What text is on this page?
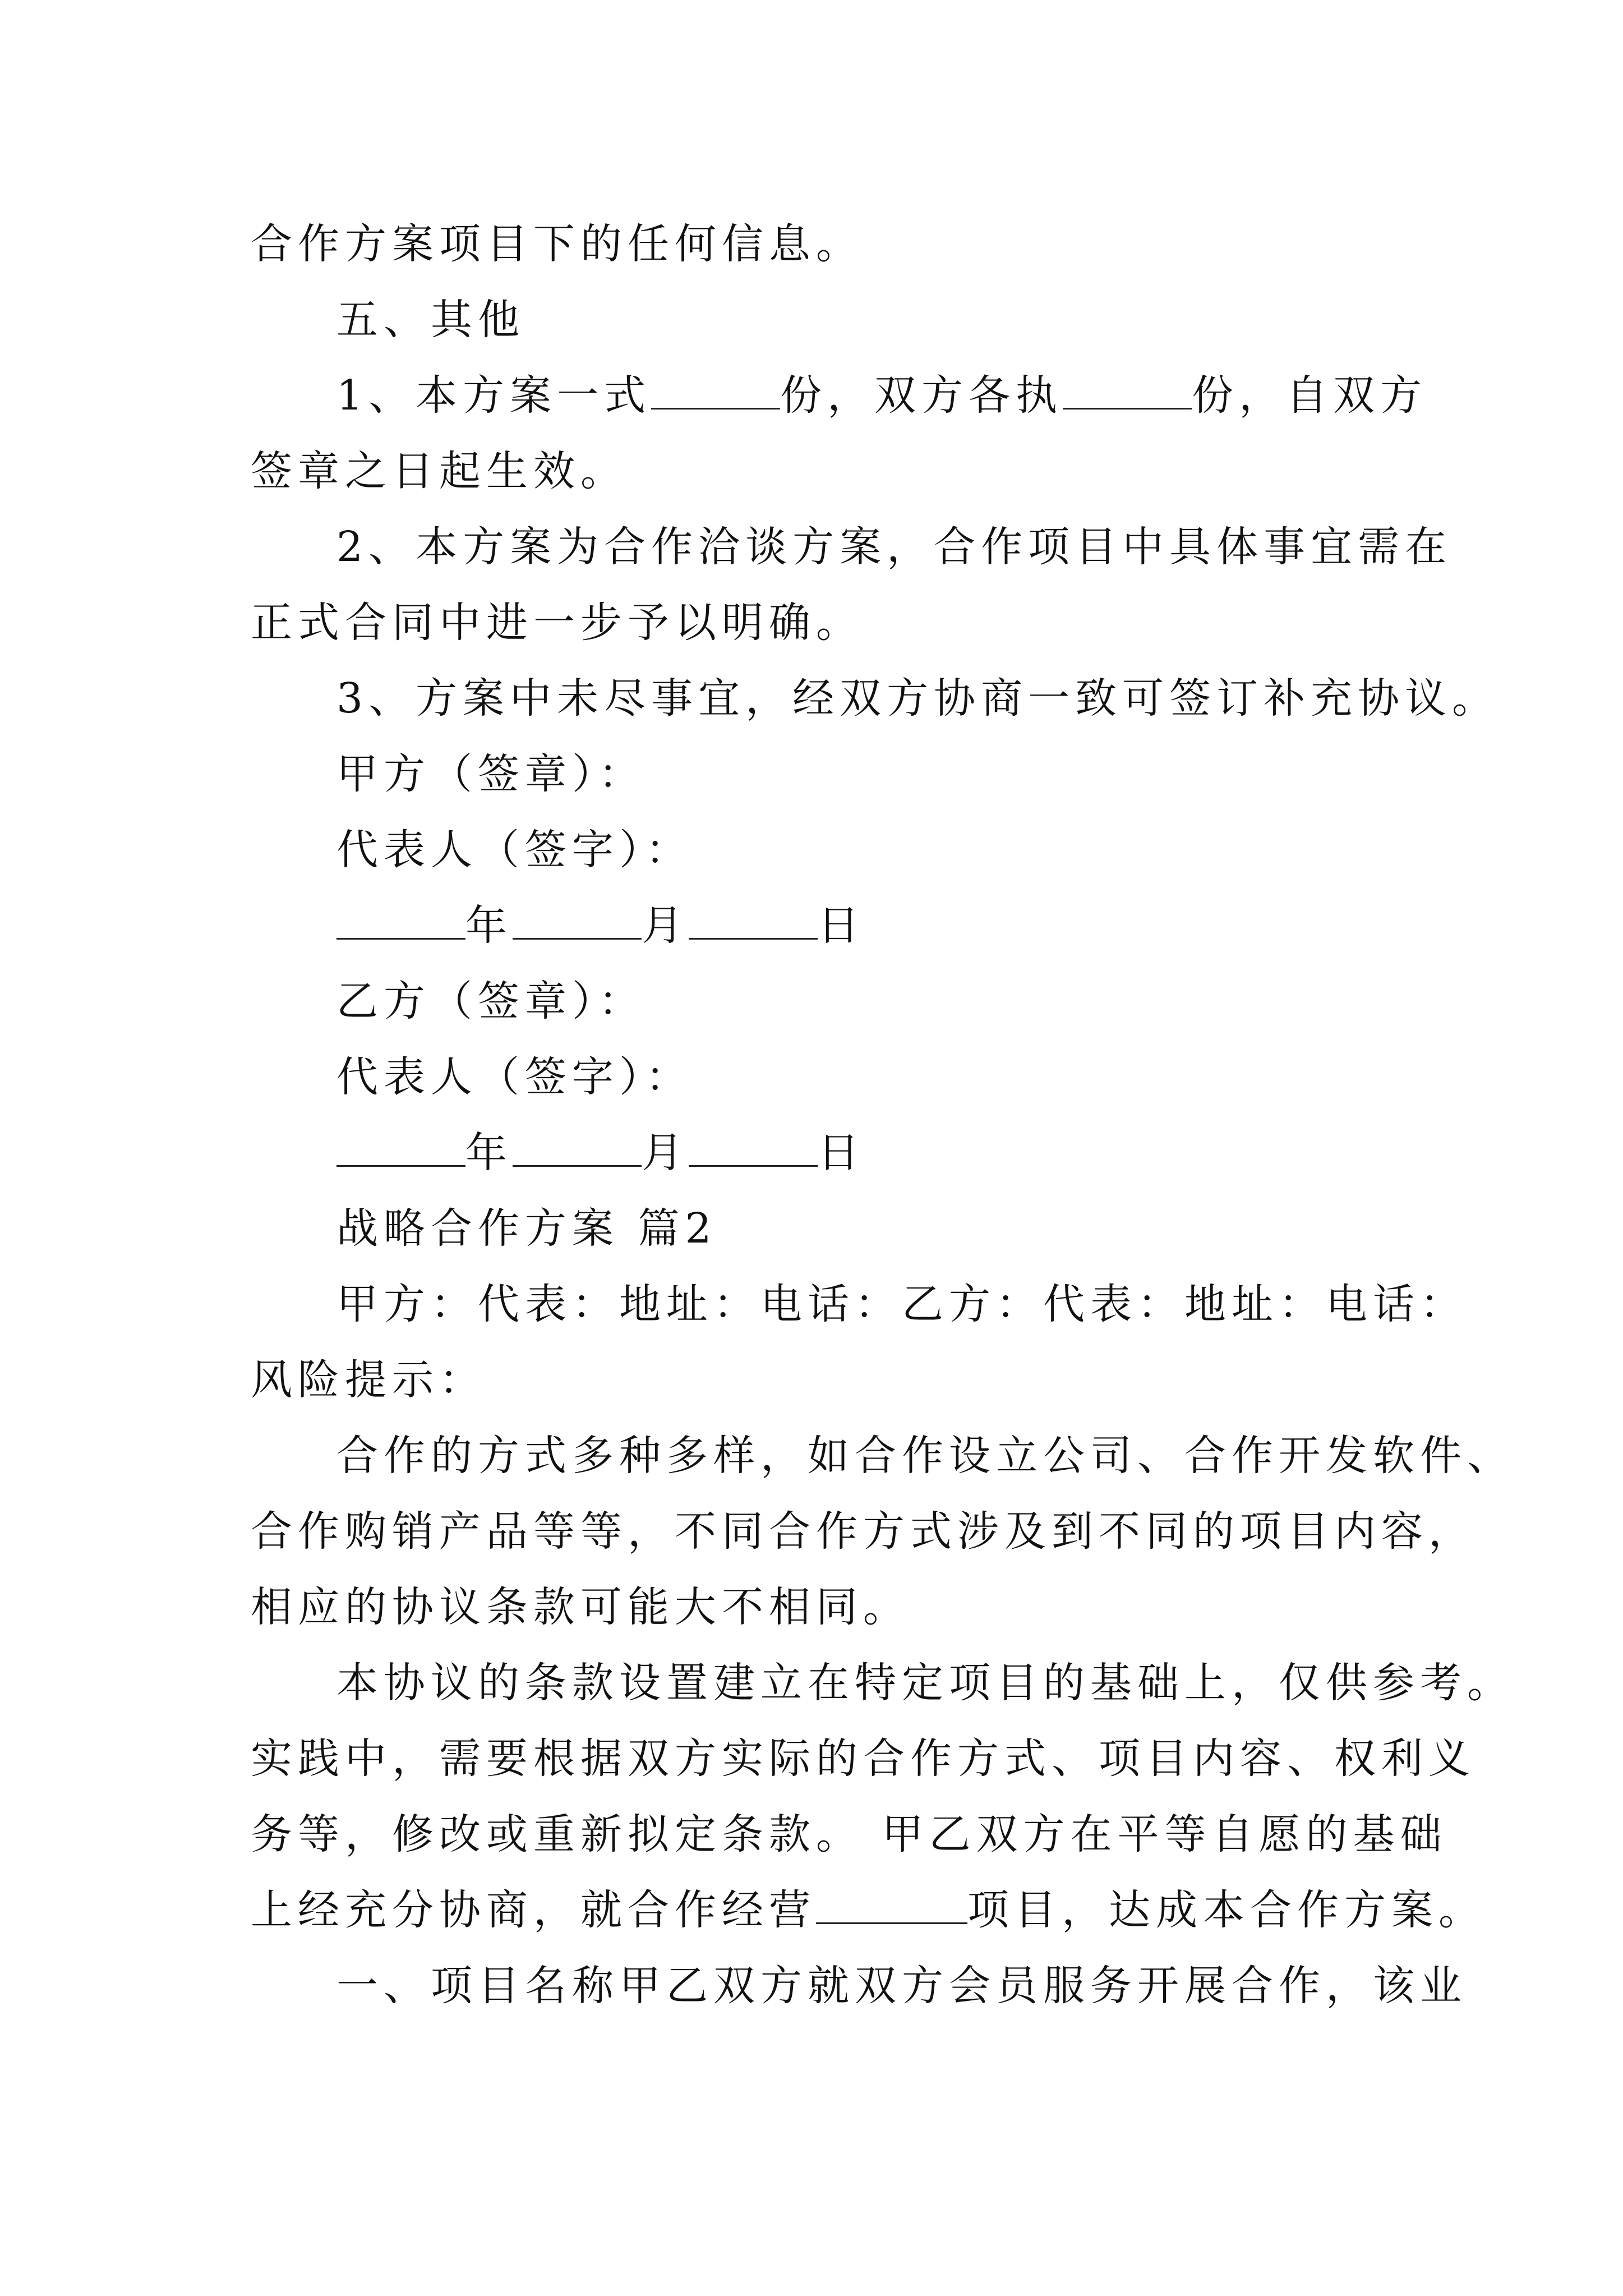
合作方案项目下的任何信息。
五、其他
1、本方案一式	份，双方各执	份，自双方
签章之日起生效。
2、本方案为合作洽谈方案，合作项目中具体事宜需在
正式合同中进一步予以明确。
3、方案中未尽事宜，经双方协商一致可签订补充协议。
甲方（签章）：
代表人（签字）：
年	月	日
乙方（签章）：
代表人（签字）：
年	月	日
战略合作方案 篇2
甲方：代表：地址：电话：乙方：代表：地址：电话：
风险提示：
合作的方式多种多样，如合作设立公司、合作开发软件、
合作购销产品等等，不同合作方式涉及到不同的项目内容，
相应的协议条款可能大不相同。
本协议的条款设置建立在特定项目的基础上，仅供参考。
实践中，需要根据双方实际的合作方式、项目内容、权利义
务等，修改或重新拟定条款。 甲乙双方在平等自愿的基础
上经充分协商，就合作经营	项目，达成本合作方案。
一、项目名称甲乙双方就双方会员服务开展合作，该业
